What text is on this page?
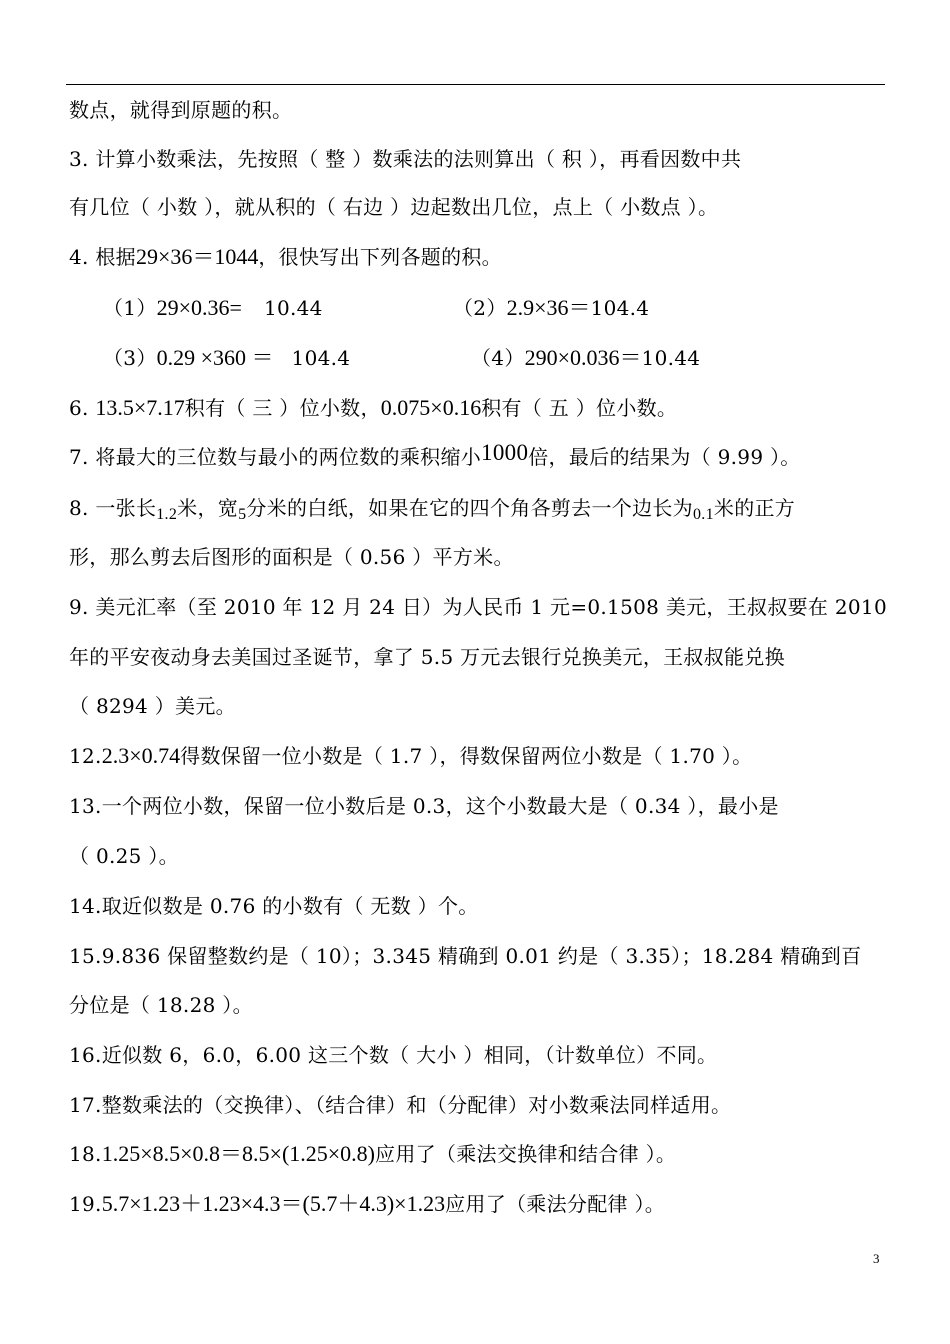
数点，就得到原题的积。
3. 计算小数乘法，先按照（ 整 ）数乘法的法则算出（ 积 ），再看因数中共
有几位（ 小数 ），就从积的（ 右边 ）边起数出几位，点上（ 小数点 ）。
4. 根据29×36＝1044，很快写出下列各题的积。
（1）29×0.36= 10.44	（2）2.9×36＝104.4
（3）0.29 ×360 ＝ 104.4	（4）290×0.036＝10.44
6. 13.5×7.17积有（ 三 ）位小数，0.075×0.16积有（ 五 ）位小数。
7. 将最大的三位数与最小的两位数的乘积缩小1000倍，最后的结果为（ 9.99 ）。
8. 一张长$_{1.2}$米，宽$_5$分米的白纸，如果在它的四个角各剪去一个边长为$_{0.1}$米的正方
形，那么剪去后图形的面积是（ 0.56 ）平方米。
9. 美元汇率（至 2010 年 12 月 24 日）为人民币 1 元=0.1508 美元，王叔叔要在 2010
年的平安夜动身去美国过圣诞节，拿了 5.5 万元去银行兑换美元，王叔叔能兑换
（ 8294 ）美元。
12.2.3×0.74得数保留一位小数是（ 1.7 ），得数保留两位小数是（ 1.70 ）。
13.一个两位小数，保留一位小数后是 0.3，这个小数最大是（ 0.34 ），最小是
（ 0.25 ）。
14.取近似数是 0.76 的小数有（ 无数 ）个。
15.9.836 保留整数约是（ 10）；3.345 精确到 0.01 约是（ 3.35）；18.284 精确到百
分位是（ 18.28 ）。
16.近似数 6，6.0，6.00 这三个数（ 大小 ）相同，（计数单位）不同。
17.整数乘法的（交换律）、（结合律）和（分配律）对小数乘法同样适用。
18.1.25×8.5×0.8＝8.5×(1.25×0.8)应用了（乘法交换律和结合律 ）。
19.5.7×1.23＋1.23×4.3＝(5.7＋4.3)×1.23应用了（乘法分配律 ）。
3
